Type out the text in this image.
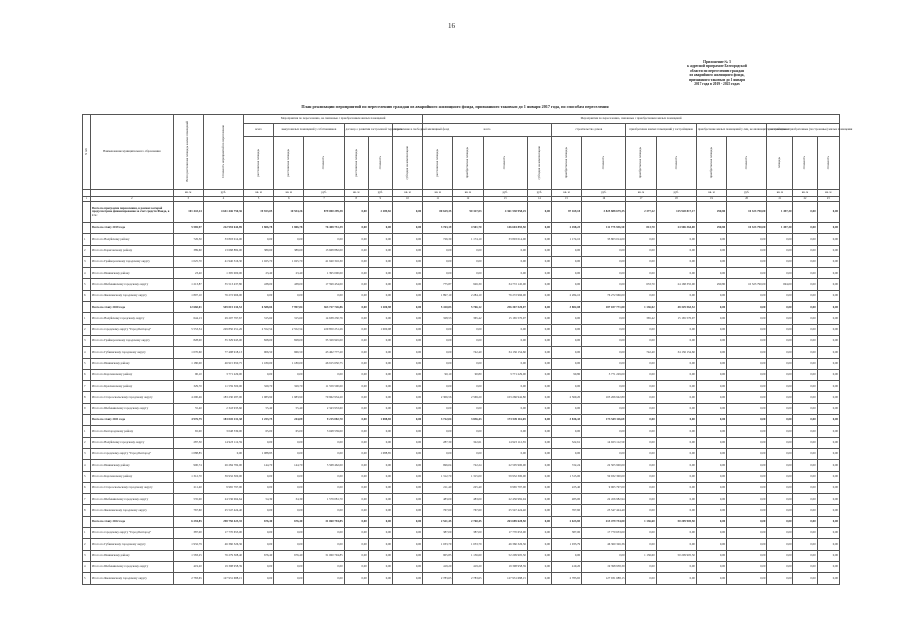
16
Приложение № 3
к адресной программе Белгородской
области по переселению граждан
из аварийного жилищного фонда,
признанного таковым до 1 января
2017 года в 2019 - 2025 годах
План реализации мероприятий по переселению граждан из аварийного жилищного фонда, признанного таковым до 1 января 2017 года, по способам переселения
N п/п	Наименование муниципального образования	Всего расселяемая площадь жилых помещений	Стоимость мероприятий по переселению	Мероприятия по переселению, не связанные с приобретением жилых помещений						Мероприятия по переселению, связанные с приобретением жилых помещений												
				всего	выкуп жилых помещений у собственников		договор о развитии застроенной территории		переселение в свободный жилищный фонд	всего				строительство домов		приобретение жилых помещений у застройщиков		приобретение жилых помещений у лиц, не являющихся застройщиком		дополнительно приобретенные (построенные) жилые помещения		
				расселяемая площадь	расселяемая площадь	стоимость	расселяемая площадь	стоимость	субсидия на компенсацию	расселяемая площадь	приобретаемая площадь	стоимость	субсидия на компенсацию	приобретаемая площадь	стоимость	приобретаемая площадь	стоимость	приобретаемая площадь	стоимость	площадь	стоимость	стоимость
		кв. м	руб.	кв. м	кв. м	руб.	кв. м	руб.	кв. м	кв. м	кв. м	руб.	руб.	кв. м	руб.	кв. м	руб.	кв. м	руб.	кв. м	кв. м	кв. м
1	2	3	4	5	6	7	8	9	10	11	12	13	14	15	16	17	18	19	20	21	22	23
	Всего по программе переселения, в рамках которой предусмотрено финансирование за счет средств Фонда, в т.ч.:	101 443,24	4 641 446 750,36	19 923,05	10 554,26	879 000 299,38	0,00	2 289,82	0,00	80 629,35	90 327,03	4 361 538 958,25	0,00	87 169,18	3 825 888 679,35	2 377,22	125 928 817,17	290,80	10 323 790,00	1 497,30	0,00	0,00
	Всего по этапу 2019 года	5 569,97	222 994 644,89	1 806,78	1 806,78	76 408 751,39	0,00	0,00	0,00	3 763,19	4 501,70	146 604 893,50	0,00	2 458,23	111 775 936,50	813,70	24 506 364,00	290,80	10 323 790,00	1 497,30	0,00	0,00
1	Итого по Валуйскому району	726,30	33 803 014,00	0,00	0,00	0,00	0,00	0,00	0,00	726,30	1 174,10	33 803 014,00	0,00	1 174,10	33 803 014,00	0,00	0,00	0,00	0,00	0,00	0,00	0,00
2	Итого по Борисовскому району	389,60	13 668 882,00	389,60	389,60	13 668 882,00	0,00	0,00	0,00	0,00	0,00	0,00	0,00	0,00	0,00	0,00	0,00	0,00	0,00	0,00	0,00	0,00
3	Итого по Грайворонскому городскому округу	1 025,70	41 940 316,30	1 025,70	1 025,70	41 940 316,30	0,00	0,00	0,00	0,00	0,00	0,00	0,00	0,00	0,00	0,00	0,00	0,00	0,00	0,00	0,00	0,00
4	Итого по Ивнянскому району	23,40	1 395 000,00	23,40	23,40	1 395 000,00	0,00	0,00	0,00	0,00	0,00	0,00	0,00	0,00	0,00	0,00	0,00	0,00	0,00	0,00	0,00	0,00
5	Итого по Шебекинскому городскому округу	1 213,87	55 513 437,80	438,00	438,00	17 599 454,00	0,00	0,00	0,00	775,87	926,30	34 772 145,00	0,00	0,00	0,00	633,70	24 168 355,00	290,80	10 323 790,00	694,00	0,00	0,00
6	Итого по Яковлевскому городскому округу	1 897,10	76 272 966,00	0,00	0,00	0,00	0,00	0,00	0,00	1 897,10	2 284,10	76 272 966,00	0,00	2 284,10	76 272 966,00	0,00	0,00	0,00	0,00	0,00	0,00	0,00
	Всего по этапу 2020 года	12 660,01	549 015 234,53	6 588,84	7 997,84	363 727 726,86	0,00	1 200,98	0,00	5 410,83	5 766,12	256 367 520,07	0,00	3 882,08	187 037 771,00	1 136,02	48 329 563,52	0,00	0,00	0,00	0,00	0,00
1	Итого по Валуйскому городскому округу	644,13	29 207 797,67	315,60	315,60	14 638 230,76	0,00	0,00	0,00	328,53	365,42	15 165 570,97	0,00	0,00	0,00	365,42	15 165 570,97	0,00	0,00	0,00	0,00	0,00
2	Итого по городскому округу "Город Белгород"	5 553,54	229 850 251,26	2 552,54	2 552,54	229 850 251,26	0,00	1 000,98	0,00	0,00	0,00	0,00	0,00	0,00	0,00	0,00	0,00	0,00	0,00	0,00	0,00	0,00
3	Итого по Грайворонскому городскому округу	828,00	35 329 945,00	828,00	828,00	35 329 945,00	0,00	0,00	0,00	0,00	0,00	0,00	0,00	0,00	0,00	0,00	0,00	0,00	0,00	0,00	0,00	0,00
4	Итого по Губкинскому городскому округу	1 070,60	77 498 918,13	906,50	966,50	43 462 777,20	0,00	0,00	0,00	0,00	742,40	34 136 154,60	0,00	0,00	0,00	742,40	34 136 154,60	0,00	0,00	0,00	0,00	0,00
5	Итого по Ивнянскому району	1 180,00	46 915 650,75	1 180,00	1 180,00	46 915 650,75	0,00	0,00	0,00	0,00	0,00	0,00	0,00	0,00	0,00	0,00	0,00	0,00	0,00	0,00	0,00	0,00
6	Итого по Корочанскому району	90,10	3 771 229,00	0,00	0,00	0,00	0,00	0,00	0,00	90,10	90,80	3 771 229,00	0,00	90,80	3 771 229,00	0,00	0,00	0,00	0,00	0,00	0,00	0,00
7	Итого по Красненскому району	329,70	11 559 500,00	329,70	329,70	11 559 500,00	0,00	0,00	0,00	0,00	0,00	0,00	0,00	0,00	0,00	0,00	0,00	0,00	0,00	0,00	0,00	0,00
8	Итого по Старооскольскому городскому округу	4 290,46	183 230 287,00	1 983,90	1 983,90	79 962 934,20	0,00	0,00	0,00	2 306,56	2 569,20	103 266 942,80	0,00	2 569,20	103 266 942,80	0,00	0,00	0,00	0,00	0,00	0,00	0,00
9	Итого по Шебекинскому городскому округу	55,40	2 343 933,60	55,40	55,40	2 343 933,60	0,00	0,00	0,00	0,00	0,00	0,00	0,00	0,00	0,00	0,00	0,00	0,00	0,00	0,00	0,00	0,00
	Всего по этапу 2021 года	4 976,79	183 045 231,38	1 253,75	244,09	9 215 082,70	0,00	1 088,85	0,00	3 722,04	3 836,43	173 549 116,69	0,00	3 836,43	173 549 116,69	0,00	0,00	0,00	0,00	0,00	0,00	0,00
1	Итого по Белгородскому району	65,00	3 048 539,00	65,00	65,00	3 048 539,00	0,00	0,00	0,00	0,00	0,00	0,00	0,00	0,00	0,00	0,00	0,00	0,00	0,00	0,00	0,00	0,00
2	Итого по Валуйскому городскому округу	287,30	14 923 112,59	0,00	0,00	0,00	0,00	0,00	0,00	287,30	322,61	14 923 112,59	0,00	322,61	14 923 112,59	0,00	0,00	0,00	0,00	0,00	0,00	0,00
3	Итого по городскому округу "Город Белгород"	1 088,85	0,00	1 088,85	0,00	0,00	0,00	1 088,85	0,00	0,00	0,00	0,00	0,00	0,00	0,00	0,00	0,00	0,00	0,00	0,00	0,00	0,00
4	Итого по Ивнянскому району	900,74	26 284 782,00	144,70	144,70	5 568 462,00	0,00	0,00	0,00	696,04	722,24	22 505 900,00	0,00	722,24	22 505 900,00	0,00	0,00	0,00	0,00	0,00	0,00	0,00
5	Итого по Корочанскому району	1 312,70	59 932 300,00	0,00	0,00	0,00	0,00	0,00	0,00	1 312,70	1 315,00	59 932 300,00	0,00	1 315,00	59 932 300,00	0,00	0,00	0,00	0,00	0,00	0,00	0,00
6	Итого по Старооскольскому городскому округу	211,40	9 965 797,00	0,00	0,00	0,00	0,00	0,00	0,00	211,40	225,40	9 965 797,00	0,00	225,40	9 965 797,00	0,00	0,00	0,00	0,00	0,00	0,00	0,00
7	Итого по Шебекинскому городскому округу	535,00	24 536 064,64	54,39	34,39	1 579 081,70	0,00	0,00	0,00	483,00	483,00	22 456 982,94	0,00	483,00	22 456 982,94	0,00	0,00	0,00	0,00	0,00	0,00	0,00
8	Итого по Яковлевскому городскому округу	767,60	25 547 424,40	0,00	0,00	0,00	0,00	0,00	0,00	767,60	767,60	25 547 424,40	0,00	767,60	25 547 424,40	0,00	0,00	0,00	0,00	0,00	0,00	0,00
	Всего по этапу 2022 года	6 294,85	298 750 423,35	676,40	676,40	31 060 794,85	0,00	0,00	0,00	2 521,45	2 760,45	263 689 628,50	0,00	2 623,85	213 479 734,00	1 136,60	50 209 905,50	0,00	0,00	0,00	0,00	0,00
1	Итого по городскому округу "Город Белгород"	387,00	17 770 653,00	0,00	0,00	0,00	0,00	0,00	0,00	387,00	387,00	17 770 653,00	0,00	387,00	17 770 653,00	0,00	0,00	0,00	0,00	0,00	0,00	0,00
2	Итого по Губкинскому городскому округу	1 932,79	46 360 326,36	0,00	0,00	0,00	0,00	0,00	0,00	1 033,79	1 033,79	46 360 326,36	0,00	1 033,79	46 360 326,36	0,00	0,00	0,00	0,00	0,00	0,00	0,00
3	Итого по Ивнянскому району	1 583,25	76 279 308,40	676,40	676,40	31 060 794,85	0,00	0,00	0,00	905,85	1 136,60	52 209 905,50	0,00	0,00	0,00	1 136,60	50 209 905,50	0,00	0,00	0,00	0,00	0,00
4	Итого по Шебекинскому городскому округу	419,20	19 398 958,39	0,00	0,00	0,00	0,00	0,00	0,00	419,20	419,20	19 398 958,39	0,00	419,20	19 398 958,39	0,00	0,00	0,00	0,00	0,00	0,00	0,00
5	Итого по Яковлевскому городскому округу	2 783,65	127 931 688,15	0,00	0,00	0,00	0,00	0,00	0,00	2 783,65	2 783,65	127 931 688,15	0,00	2 783,65	127 931 688,15	0,00	0,00	0,00	0,00	0,00	0,00	0,00
